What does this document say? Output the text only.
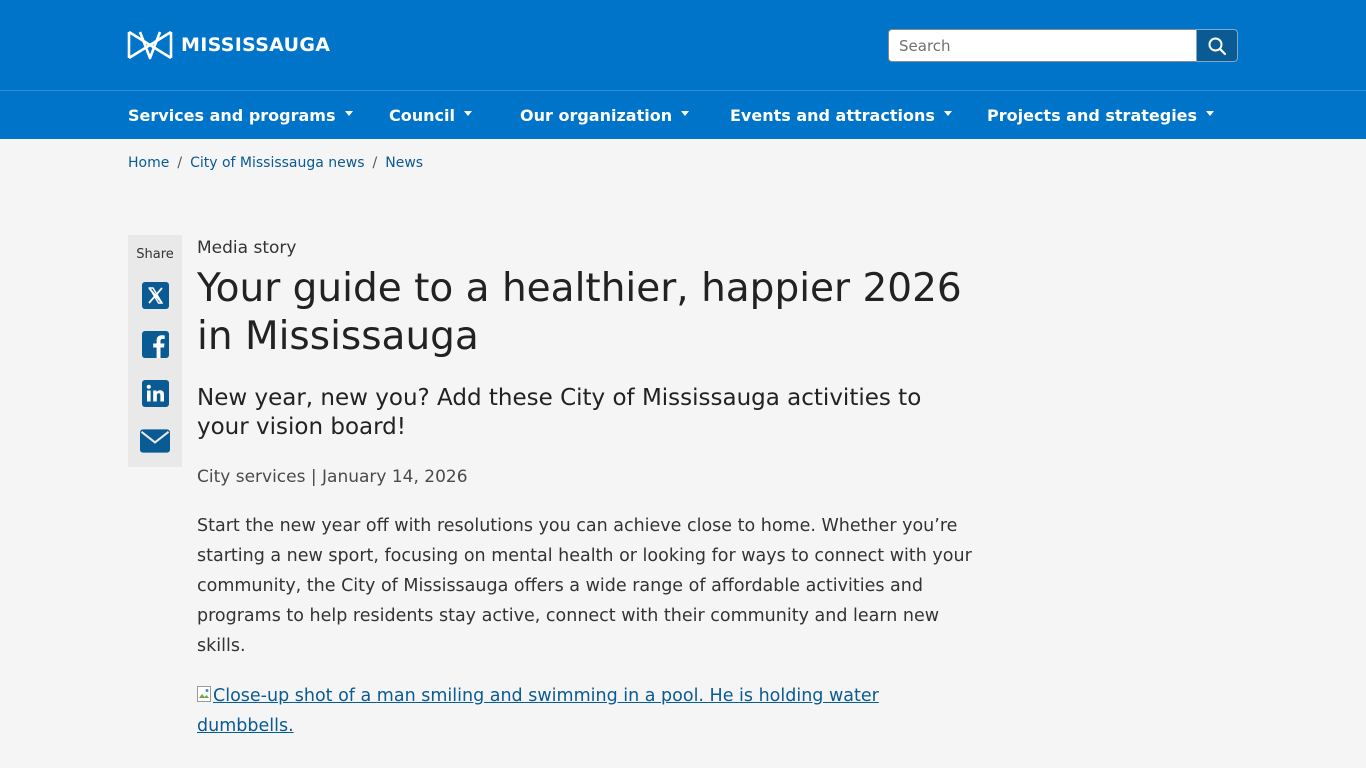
MISSISSAUGA
Search
Services and programs	Council	Our organization	Events and attractions	Projects and strategies
Home / City of Mississauga news / News
Share	Media story
Your guide to a healthier, happier 2026 in Mississauga
New year, new you? Add these City of Mississauga activities to your vision board!
City services | January 14, 2026

Start the new year off with resolutions you can achieve close to home. Whether you’re starting a new sport, focusing on mental health or looking for ways to connect with your community, the City of Mississauga offers a wide range of affordable activities and programs to help residents stay active, connect with their community and learn new skills.

Close-up shot of a man smiling and swimming in a pool. He is holding water dumbbells.
